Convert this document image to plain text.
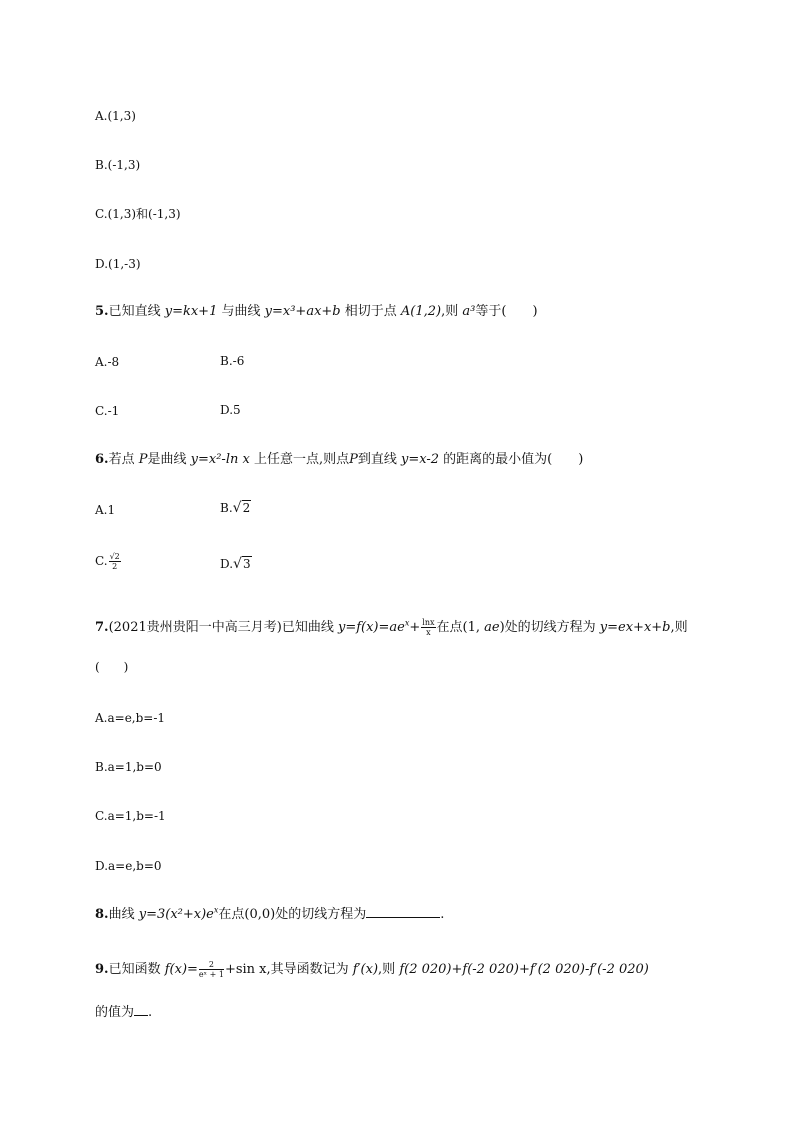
A.(1,3)
B.(-1,3)
C.(1,3)和(-1,3)
D.(1,-3)
5.已知直线 y=kx+1 与曲线 y=x³+ax+b 相切于点 A(1,2),则 a³等于(　　)
A.-8	B.-6
C.-1	D.5
6.若点 P是曲线 y=x²-ln x 上任意一点,则点P到直线 y=x-2 的距离的最小值为(　　)
A.1	B.√2
C. $\frac{√2}{2}$	D.√3
7.(2021贵州贵阳一中高三月考)已知曲线 $y=f(x)=ae^x+ \frac{\ln x}{x}$ 在点(1, ae)处的切线方程为 y=ex+x+b,则
(　　)
A.a=e,b=-1
B.a=1,b=0
C.a=1,b=-1
D.a=e,b=0
8.曲线 $y=3(x^2+x)e^x$在点(0,0)处的切线方程为	.
9.已知函数 $f(x)= \frac{2}{\text{eˣ + 1}} +\sin$ x,其导函数记为 f′(x),则 f(2 020)+f(-2 020)+f′(2 020)-f′(-2 020)
的值为 .
